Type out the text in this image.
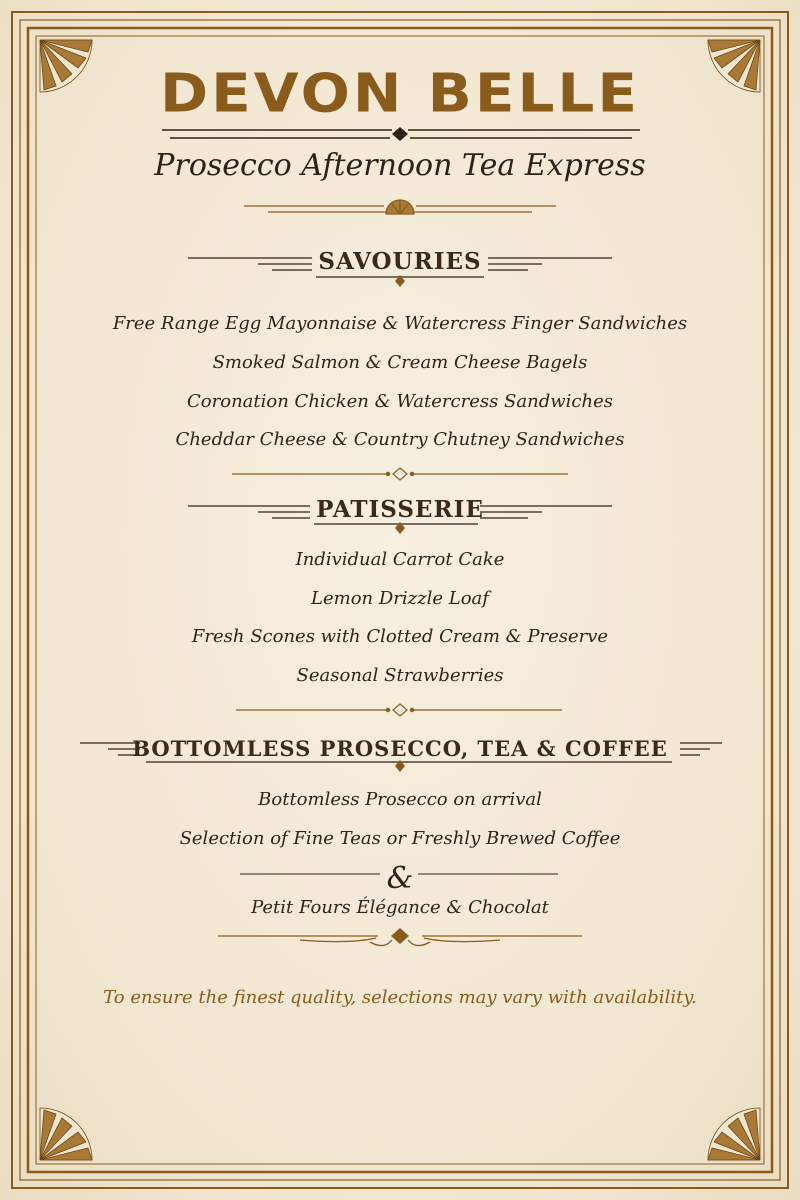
DEVON BELLE
Prosecco Afternoon Tea Express
SAVOURIES
Free Range Egg Mayonnaise & Watercress Finger Sandwiches
Smoked Salmon & Cream Cheese Bagels
Coronation Chicken & Watercress Sandwiches
Cheddar Cheese & Country Chutney Sandwiches
PATISSERIE
Individual Carrot Cake
Lemon Drizzle Loaf
Fresh Scones with Clotted Cream & Preserve
Seasonal Strawberries
BOTTOMLESS PROSECCO, TEA & COFFEE
Bottomless Prosecco on arrival
Selection of Fine Teas or Freshly Brewed Coffee
&
Petit Fours Élégance & Chocolat
To ensure the finest quality, selections may vary with availability.
